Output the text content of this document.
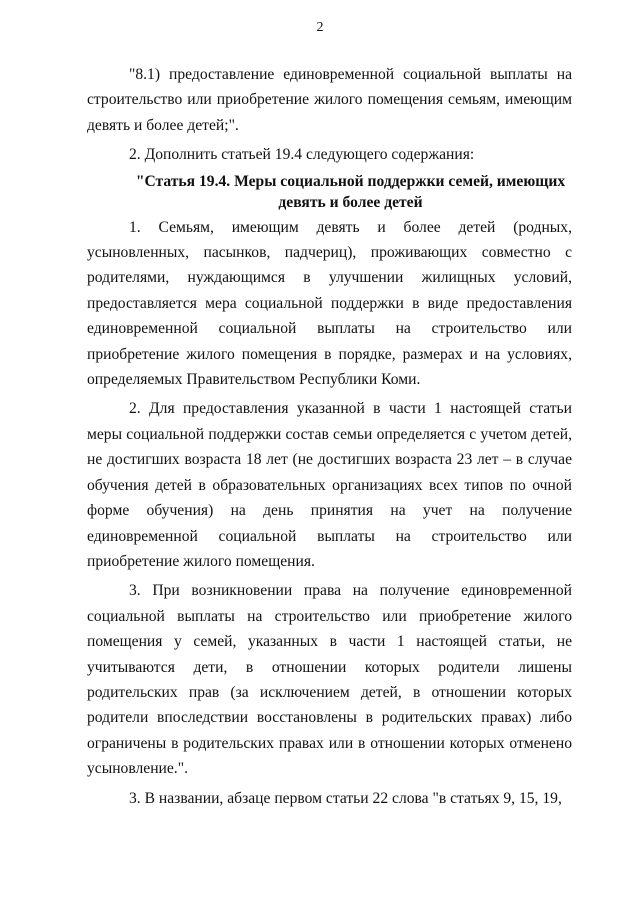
2

"8.1) предоставление единовременной социальной выплаты на строительство или приобретение жилого помещения семьям, имеющим девять и более детей;".

2. Дополнить статьей 19.4 следующего содержания:

"Статья 19.4. Меры социальной поддержки семей, имеющих
девять и более детей

1. Семьям, имеющим девять и более детей (родных, усыновленных, пасынков, падчериц), проживающих совместно с родителями, нуждающимся в улучшении жилищных условий, предоставляется мера социальной поддержки в виде предоставления единовременной социальной выплаты на строительство или приобретение жилого помещения в порядке, размерах и на условиях, определяемых Правительством Республики Коми.

2. Для предоставления указанной в части 1 настоящей статьи меры социальной поддержки состав семьи определяется с учетом детей, не достигших возраста 18 лет (не достигших возраста 23 лет – в случае обучения детей в образовательных организациях всех типов по очной форме обучения) на день принятия на учет на получение единовременной социальной выплаты на строительство или приобретение жилого помещения.

3. При возникновении права на получение единовременной социальной выплаты на строительство или приобретение жилого помещения у семей, указанных в части 1 настоящей статьи, не учитываются дети, в отношении которых родители лишены родительских прав (за исключением детей, в отношении которых родители впоследствии восстановлены в родительских правах) либо ограничены в родительских правах или в отношении которых отменено усыновление.".

3. В названии, абзаце первом статьи 22 слова "в статьях 9, 15, 19,
